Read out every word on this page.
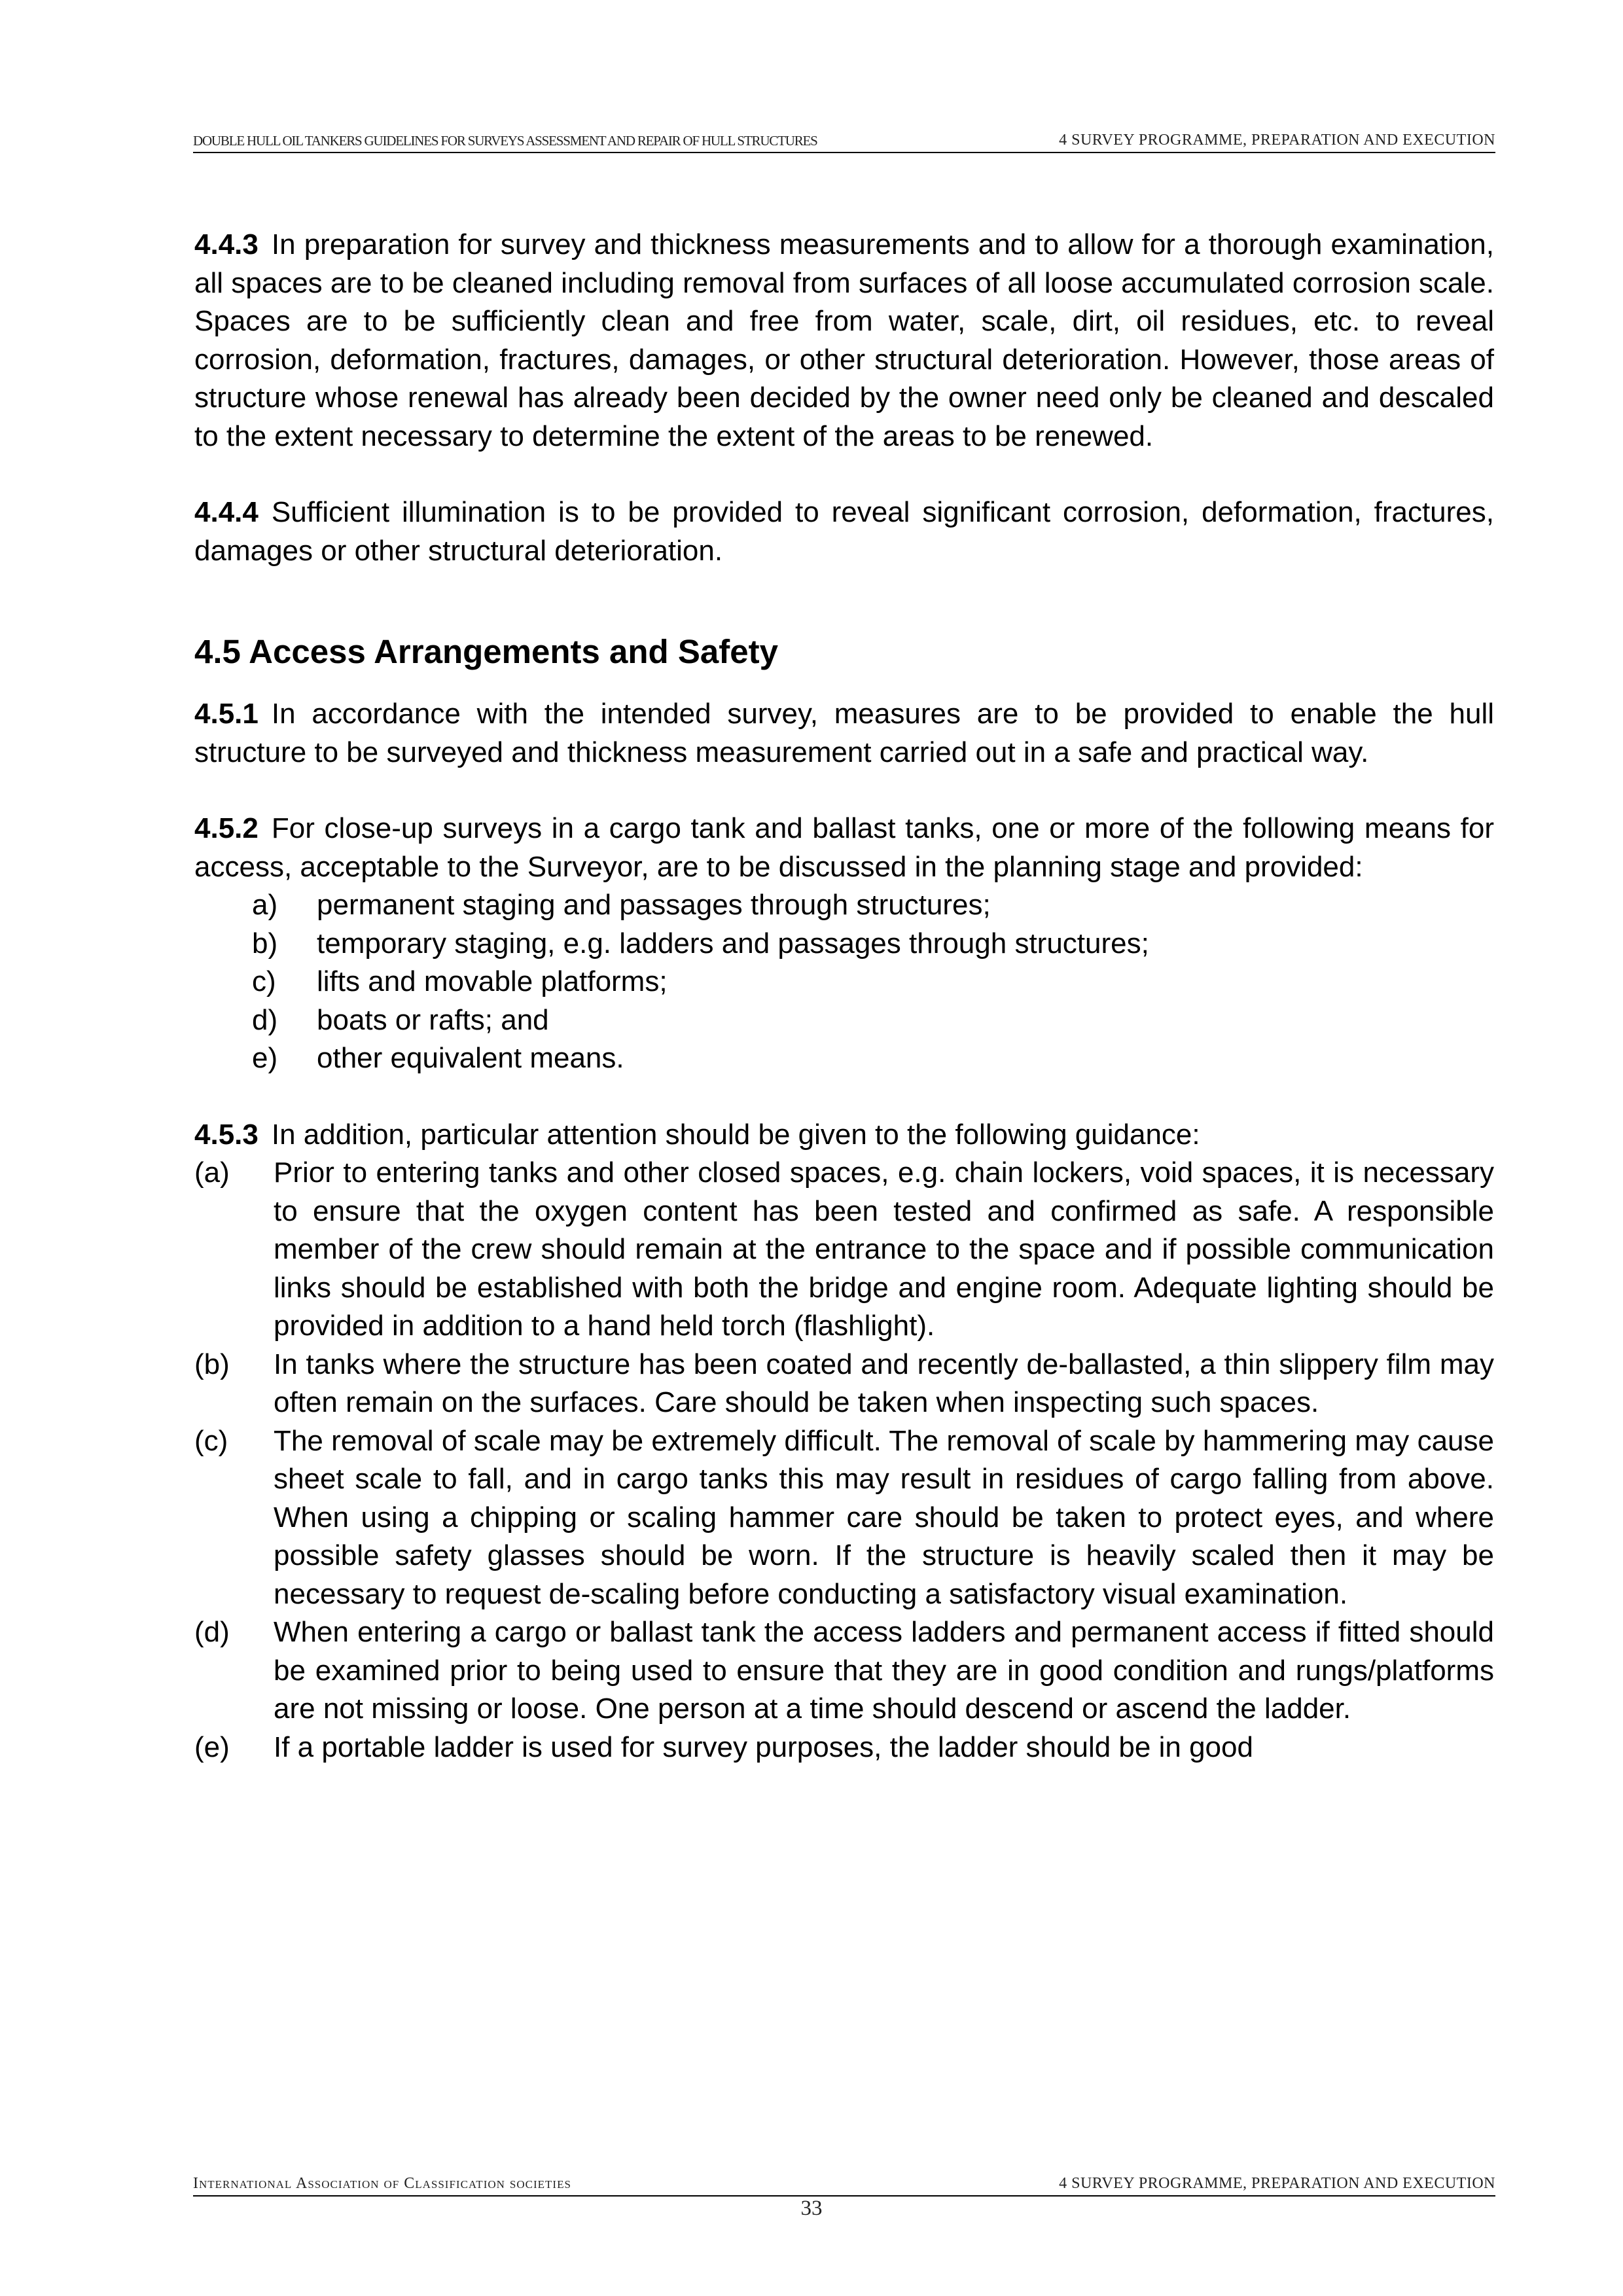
DOUBLE HULL OIL TANKERS GUIDELINES FOR SURVEYS ASSESSMENT AND REPAIR OF HULL STRUCTURES	4 SURVEY PROGRAMME, PREPARATION AND EXECUTION

4.4.3 In preparation for survey and thickness measurements and to allow for a thorough examination, all spaces are to be cleaned including removal from surfaces of all loose accumulated corrosion scale. Spaces are to be sufficiently clean and free from water, scale, dirt, oil residues, etc. to reveal corrosion, deformation, fractures, damages, or other structural deterioration. However, those areas of structure whose renewal has already been decided by the owner need only be cleaned and descaled to the extent necessary to determine the extent of the areas to be renewed.

4.4.4 Sufficient illumination is to be provided to reveal significant corrosion, deformation, fractures, damages or other structural deterioration.

4.5 Access Arrangements and Safety

4.5.1 In accordance with the intended survey, measures are to be provided to enable the hull structure to be surveyed and thickness measurement carried out in a safe and practical way.

4.5.2 For close-up surveys in a cargo tank and ballast tanks, one or more of the following means for access, acceptable to the Surveyor, are to be discussed in the planning stage and provided:

a) permanent staging and passages through structures;
b) temporary staging, e.g. ladders and passages through structures;
c) lifts and movable platforms;
d) boats or rafts; and
e) other equivalent means.

4.5.3 In addition, particular attention should be given to the following guidance:

(a) Prior to entering tanks and other closed spaces, e.g. chain lockers, void spaces, it is necessary to ensure that the oxygen content has been tested and confirmed as safe. A responsible member of the crew should remain at the entrance to the space and if possible communication links should be established with both the bridge and engine room. Adequate lighting should be provided in addition to a hand held torch (flashlight).
(b) In tanks where the structure has been coated and recently de-ballasted, a thin slippery film may often remain on the surfaces. Care should be taken when inspecting such spaces.
(c) The removal of scale may be extremely difficult. The removal of scale by hammering may cause sheet scale to fall, and in cargo tanks this may result in residues of cargo falling from above. When using a chipping or scaling hammer care should be taken to protect eyes, and where possible safety glasses should be worn. If the structure is heavily scaled then it may be necessary to request de-scaling before conducting a satisfactory visual examination.
(d) When entering a cargo or ballast tank the access ladders and permanent access if fitted should be examined prior to being used to ensure that they are in good condition and rungs/platforms are not missing or loose. One person at a time should descend or ascend the ladder.
(e) If a portable ladder is used for survey purposes, the ladder should be in good
International Association of Classification societies	4 SURVEY PROGRAMME, PREPARATION AND EXECUTION
33
